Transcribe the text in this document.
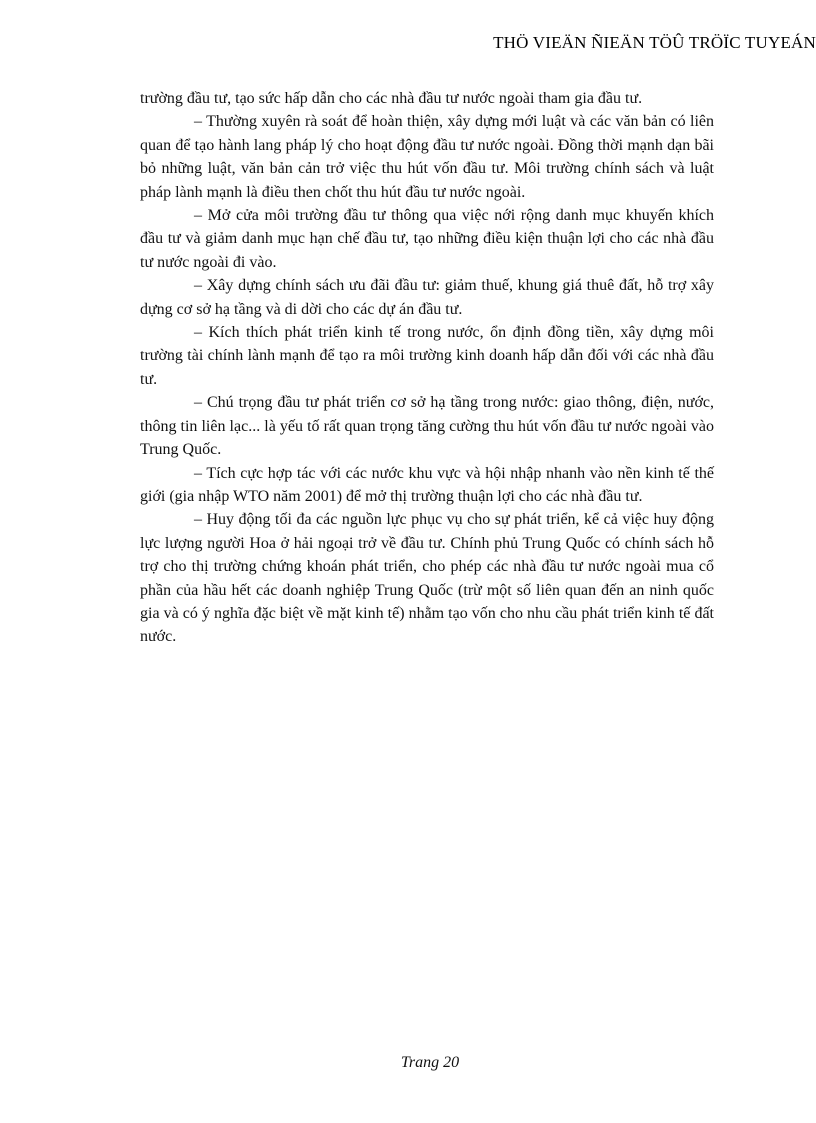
THÖ VIEÄN ÑIEÄN TÖÛ TRÖÏC TUYEÁN

trường đầu tư, tạo sức hấp dẫn cho các nhà đầu tư nước ngoài tham gia đầu tư.

– Thường xuyên rà soát để hoàn thiện, xây dựng mới luật và các văn bản có liên quan để tạo hành lang pháp lý cho hoạt động đầu tư nước ngoài. Đồng thời mạnh dạn bãi bỏ những luật, văn bản cản trở việc thu hút vốn đầu tư. Môi trường chính sách và luật pháp lành mạnh là điều then chốt thu hút đầu tư nước ngoài.

– Mở cửa môi trường đầu tư thông qua việc nới rộng danh mục khuyến khích đầu tư và giảm danh mục hạn chế đầu tư, tạo những điều kiện thuận lợi cho các nhà đầu tư nước ngoài đi vào.

– Xây dựng chính sách ưu đãi đầu tư: giảm thuế, khung giá thuê đất, hỗ trợ xây dựng cơ sở hạ tầng và di dời cho các dự án đầu tư.

– Kích thích phát triển kinh tế trong nước, ổn định đồng tiền, xây dựng môi trường tài chính lành mạnh để tạo ra môi trường kinh doanh hấp dẫn đối với các nhà đầu tư.

– Chú trọng đầu tư phát triển cơ sở hạ tầng trong nước: giao thông, điện, nước, thông tin liên lạc... là yếu tố rất quan trọng tăng cường thu hút vốn đầu tư nước ngoài vào Trung Quốc.

– Tích cực hợp tác với các nước khu vực và hội nhập nhanh vào nền kinh tế thế giới (gia nhập WTO năm 2001) để mở thị trường thuận lợi cho các nhà đầu tư.

– Huy động tối đa các nguồn lực phục vụ cho sự phát triển, kể cả việc huy động lực lượng người Hoa ở hải ngoại trở về đầu tư. Chính phủ Trung Quốc có chính sách hỗ trợ cho thị trường chứng khoán phát triển, cho phép các nhà đầu tư nước ngoài mua cổ phần của hầu hết các doanh nghiệp Trung Quốc (trừ một số liên quan đến an ninh quốc gia và có ý nghĩa đặc biệt về mặt kinh tế) nhằm tạo vốn cho nhu cầu phát triển kinh tế đất nước.

Trang 20
